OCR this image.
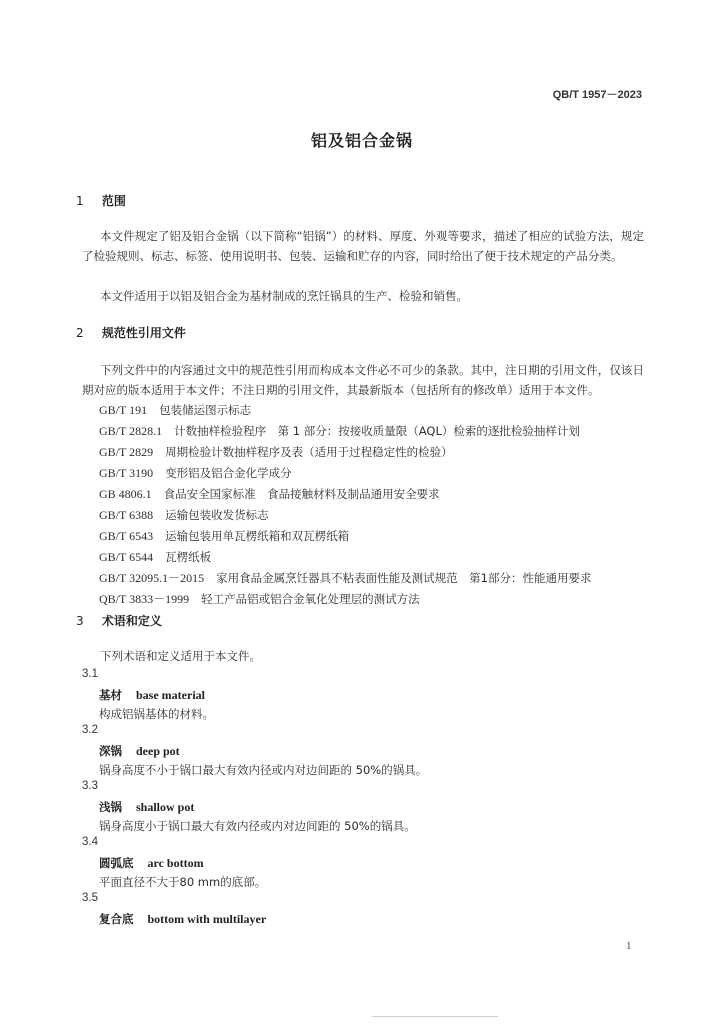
QB/T 1957－2023
铝及铝合金锅
1 范围
本文件规定了铝及铝合金锅（以下简称“铝锅”）的材料、厚度、外观等要求，描述了相应的试验方法，规定了检验规则、标志、标签、使用说明书、包装、运输和贮存的内容，同时给出了便于技术规定的产品分类。
本文件适用于以铝及铝合金为基材制成的烹饪锅具的生产、检验和销售。
2 规范性引用文件
下列文件中的内容通过文中的规范性引用而构成本文件必不可少的条款。其中，注日期的引用文件，仅该日期对应的版本适用于本文件；不注日期的引用文件，其最新版本（包括所有的修改单）适用于本文件。
GB/T 191 包装储运图示标志
GB/T 2828.1 计数抽样检验程序　第 1 部分：按接收质量限（AQL）检索的逐批检验抽样计划
GB/T 2829 周期检验计数抽样程序及表（适用于过程稳定性的检验）
GB/T 3190 变形铝及铝合金化学成分
GB 4806.1 食品安全国家标准　食品接触材料及制品通用安全要求
GB/T 6388 运输包装收发货标志
GB/T 6543 运输包装用单瓦楞纸箱和双瓦楞纸箱
GB/T 6544 瓦楞纸板
GB/T 32095.1－2015 家用食品金属烹饪器具不粘表面性能及测试规范　第1部分：性能通用要求
QB/T 3833－1999 轻工产品铝或铝合金氧化处理层的测试方法
3 术语和定义
下列术语和定义适用于本文件。
3.1
基材 base material
构成铝锅基体的材料。
3.2
深锅 deep pot
锅身高度不小于锅口最大有效内径或内对边间距的 50%的锅具。
3.3
浅锅 shallow pot
锅身高度小于锅口最大有效内径或内对边间距的 50%的锅具。
3.4
圆弧底 arc bottom
平面直径不大于80 mm的底部。
3.5
复合底 bottom with multilayer
1
